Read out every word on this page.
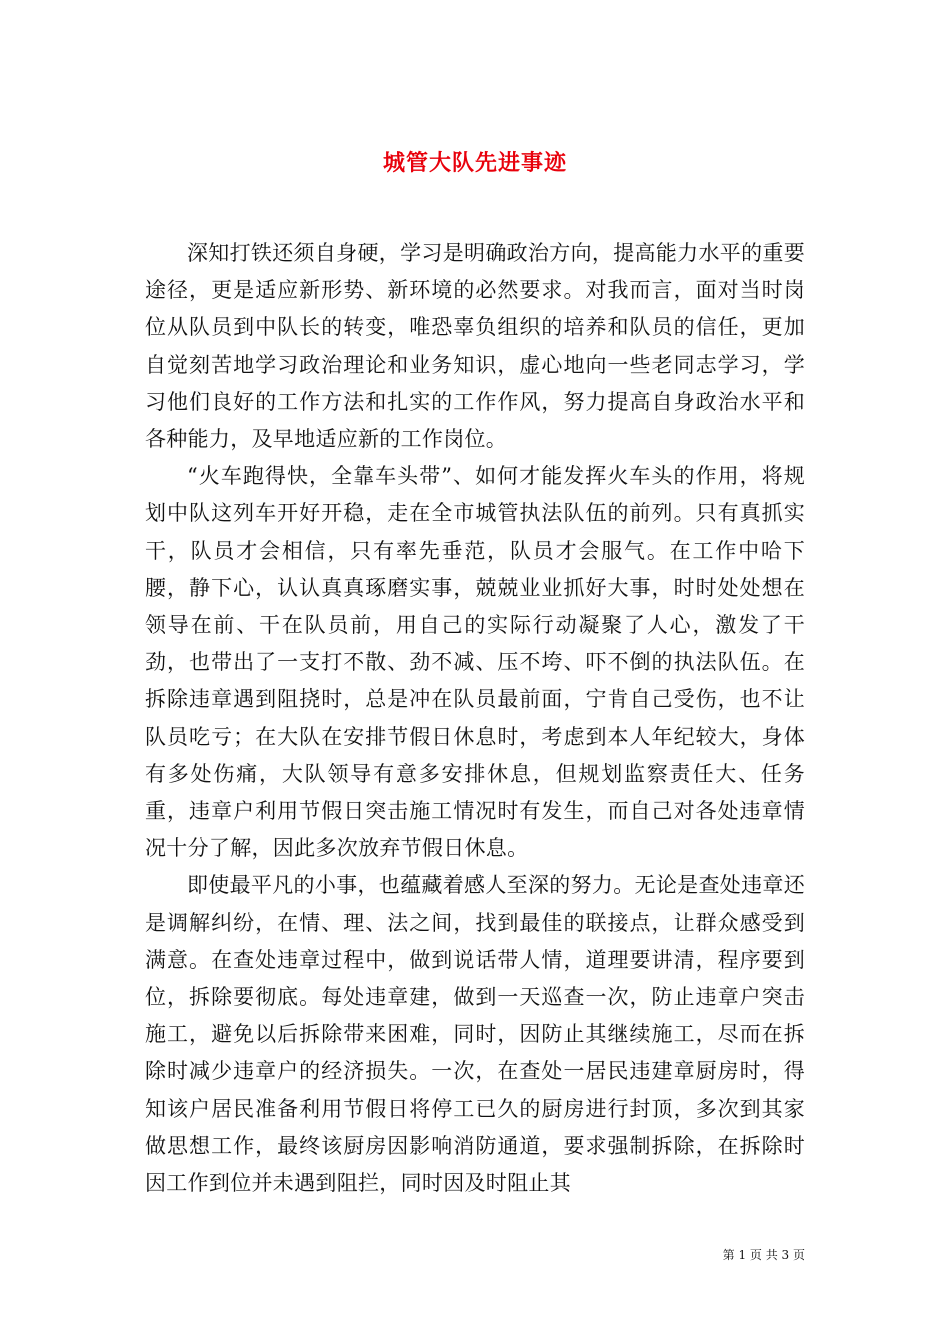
城管大队先进事迹

深知打铁还须自身硬，学习是明确政治方向，提高能力水平的重要途径，更是适应新形势、新环境的必然要求。对我而言，面对当时岗位从队员到中队长的转变，唯恐辜负组织的培养和队员的信任，更加自觉刻苦地学习政治理论和业务知识，虚心地向一些老同志学习，学习他们良好的工作方法和扎实的工作作风，努力提高自身政治水平和各种能力，及早地适应新的工作岗位。

“火车跑得快，全靠车头带”、如何才能发挥火车头的作用，将规划中队这列车开好开稳，走在全市城管执法队伍的前列。只有真抓实干，队员才会相信，只有率先垂范，队员才会服气。在工作中哈下腰，静下心，认认真真琢磨实事，兢兢业业抓好大事，时时处处想在领导在前、干在队员前，用自己的实际行动凝聚了人心，激发了干劲，也带出了一支打不散、劲不减、压不垮、吓不倒的执法队伍。在拆除违章遇到阻挠时，总是冲在队员最前面，宁肯自己受伤，也不让队员吃亏；在大队在安排节假日休息时，考虑到本人年纪较大，身体有多处伤痛，大队领导有意多安排休息，但规划监察责任大、任务重，违章户利用节假日突击施工情况时有发生，而自己对各处违章情况十分了解，因此多次放弃节假日休息。

即使最平凡的小事，也蕴藏着感人至深的努力。无论是查处违章还是调解纠纷，在情、理、法之间，找到最佳的联接点，让群众感受到满意。在查处违章过程中，做到说话带人情，道理要讲清，程序要到位，拆除要彻底。每处违章建，做到一天巡查一次，防止违章户突击施工，避免以后拆除带来困难，同时，因防止其继续施工，尽而在拆除时减少违章户的经济损失。一次，在查处一居民违建章厨房时，得知该户居民准备利用节假日将停工已久的厨房进行封顶，多次到其家做思想工作，最终该厨房因影响消防通道，要求强制拆除，在拆除时因工作到位并未遇到阻拦，同时因及时阻止其

第 1 页 共 3 页
